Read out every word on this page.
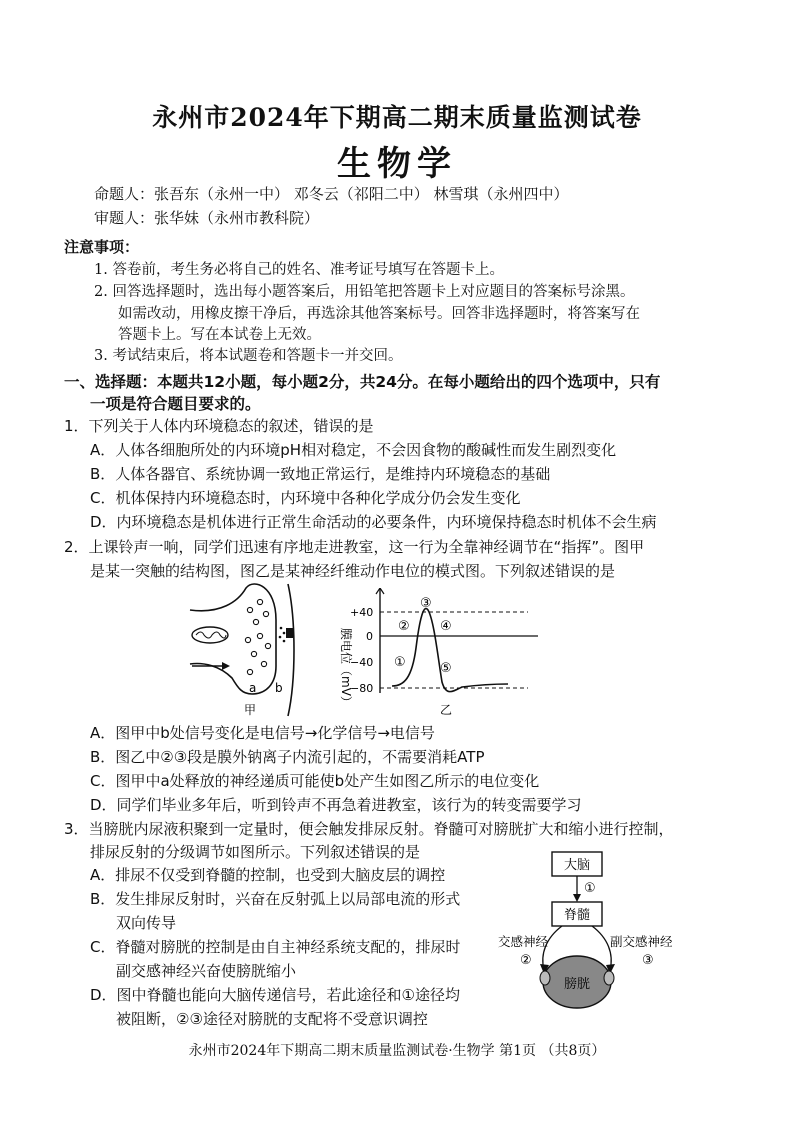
永州市2024年下期高二期末质量监测试卷
生物学
命题人：张吾东（永州一中） 邓冬云（祁阳二中） 林雪琪（永州四中）
审题人：张华妹（永州市教科院）
注意事项：
1. 答卷前，考生务必将自己的姓名、准考证号填写在答题卡上。
2. 回答选择题时，选出每小题答案后，用铅笔把答题卡上对应题目的答案标号涂黑。
如需改动，用橡皮擦干净后，再选涂其他答案标号。回答非选择题时，将答案写在
答题卡上。写在本试卷上无效。
3. 考试结束后，将本试题卷和答题卡一并交回。
一、选择题：本题共12小题，每小题2分，共24分。在每小题给出的四个选项中，只有
一项是符合题目要求的。
1．下列关于人体内环境稳态的叙述，错误的是
A．人体各细胞所处的内环境pH相对稳定，不会因食物的酸碱性而发生剧烈变化
B．人体各器官、系统协调一致地正常运行，是维持内环境稳态的基础
C．机体保持内环境稳态时，内环境中各种化学成分仍会发生变化
D．内环境稳态是机体进行正常生命活动的必要条件，内环境保持稳态时机体不会生病
2．上课铃声一响，同学们迅速有序地走进教室，这一行为全靠神经调节在“指挥”。图甲
是某一突触的结构图，图乙是某神经纤维动作电位的模式图。下列叙述错误的是
a b
甲
膜电位（mV）
+40
0
−40
−80
①
②
③
④
⑤
乙
A．图甲中b处信号变化是电信号→化学信号→电信号
B．图乙中②③段是膜外钠离子内流引起的，不需要消耗ATP
C．图甲中a处释放的神经递质可能使b处产生如图乙所示的电位变化
D．同学们毕业多年后，听到铃声不再急着进教室，该行为的转变需要学习
3．当膀胱内尿液积聚到一定量时，便会触发排尿反射。脊髓可对膀胱扩大和缩小进行控制，
排尿反射的分级调节如图所示。下列叙述错误的是
A．排尿不仅受到脊髓的控制，也受到大脑皮层的调控
B．发生排尿反射时，兴奋在反射弧上以局部电流的形式
双向传导
C．脊髓对膀胱的控制是由自主神经系统支配的，排尿时
副交感神经兴奋使膀胱缩小
D．图中脊髓也能向大脑传递信号，若此途径和①途径均
被阻断，②③途径对膀胱的支配将不受意识调控
大脑
①
脊髓
交感神经
②
副交感神经
③
膀胱
永州市2024年下期高二期末质量监测试卷·生物学 第1页 （共8页）
